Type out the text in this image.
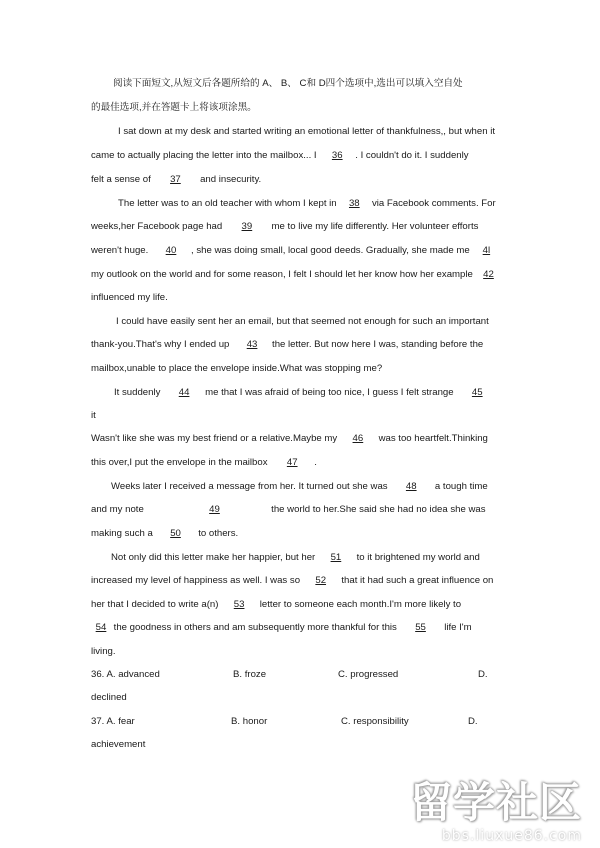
阅读下面短文,从短文后各题所给的 A、 B、 C和 D四个选项中,选出可以填入空自处
的最佳选项,并在答题卡上将该项涂黑。
I sat down at my desk and started writing an emotional letter of thankfulness,, but when it
came to actually placing the letter into the mailbox... I 36 . I couldn't do it. I suddenly
felt a sense of 37 and insecurity.
The letter was to an old teacher with whom I kept in 38 via Facebook comments. For
weeks,her Facebook page had 39 me to live my life differently. Her volunteer efforts
weren't huge. 40 , she was doing small, local good deeds. Gradually, she made me 4l
my outlook on the world and for some reason, I felt I should let her know how her example 42
influenced my life.
I could have easily sent her an email, but that seemed not enough for such an important
thank-you.That's why I ended up 43 the letter. But now here I was, standing before the
mailbox,unable to place the envelope inside.What was stopping me?
It suddenly 44 me that I was afraid of being too nice, I guess I felt strange 45
it
Wasn't like she was my best friend or a relative.Maybe my 46 was too heartfelt.Thinking
this over,I put the envelope in the mailbox 47 .
Weeks later I received a message from her. It turned out she was 48 a tough time
and my note	49	the world to her.She said she had no idea she was
making such a 50 to others.
Not only did this letter make her happier, but her 51 to it brightened my world and
increased my level of happiness as well. I was so 52 that it had such a great influence on
her that I decided to write a(n) 53 letter to someone each month.I'm more likely to
54 the goodness in others and am subsequently more thankful for this 55 life I'm
living.
36. A. advanced	B. froze	C. progressed	D.
declined
37. A. fear	B. honor	C. responsibility	D.
achievement
留学社区
bbs.liuxue86.com
